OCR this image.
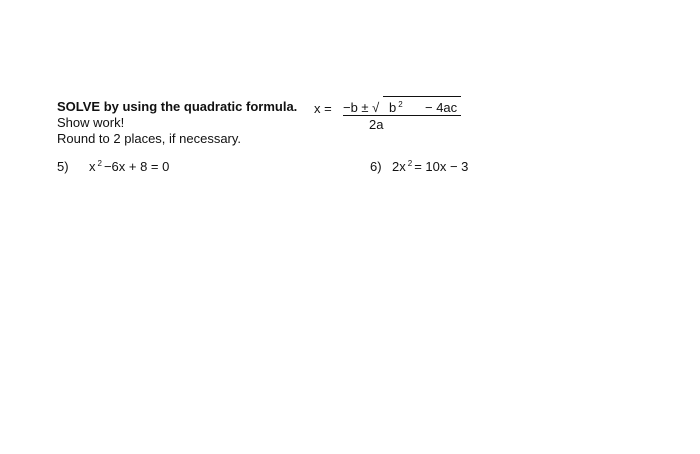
SOLVE by using the quadratic formula.
Show work!
Round to 2 places, if necessary.
$x = \frac{-b \pm √ b ^2 - 4ac}{2a}$
5) x $^2$ −6x + 8 = 0	6) 2x $^2$ = 10x − 3
